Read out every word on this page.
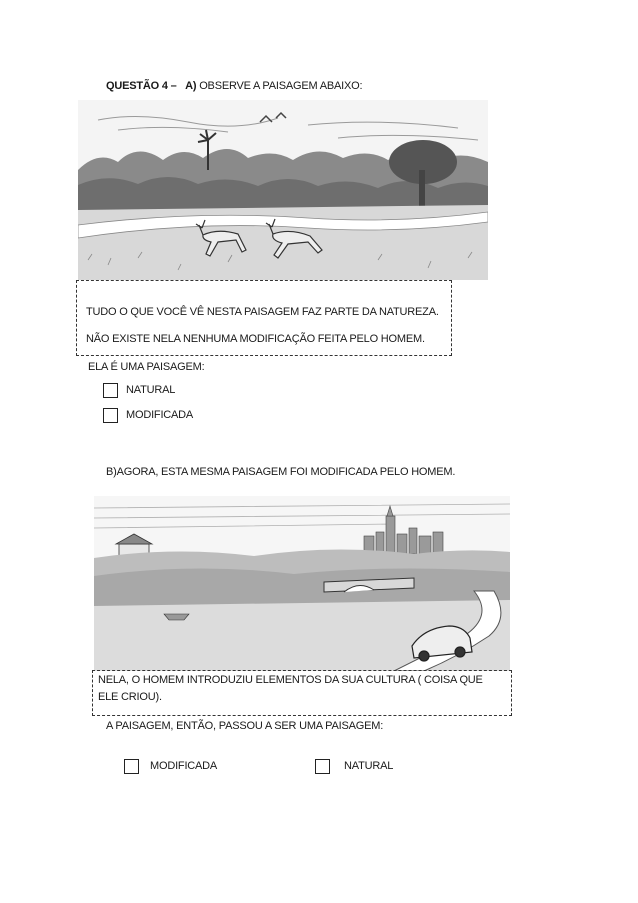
QUESTÃO 4 – A) OBSERVE A PAISAGEM ABAIXO:
TUDO O QUE VOCÊ VÊ NESTA PAISAGEM FAZ PARTE DA NATUREZA.
NÃO EXISTE NELA NENHUMA MODIFICAÇÃO FEITA PELO HOMEM.
ELA É UMA PAISAGEM:
NATURAL
MODIFICADA
B)AGORA, ESTA MESMA PAISAGEM FOI MODIFICADA PELO HOMEM.
NELA, O HOMEM INTRODUZIU ELEMENTOS DA SUA CULTURA ( COISA QUE
ELE CRIOU).
A PAISAGEM, ENTÃO, PASSOU A SER UMA PAISAGEM:
MODIFICADA	NATURAL
